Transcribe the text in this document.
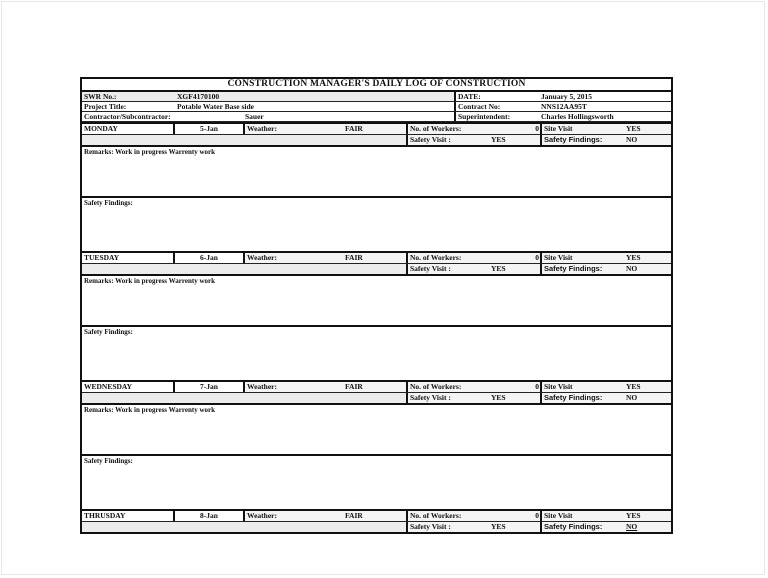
CONSTRUCTION MANAGER'S DAILY LOG OF CONSTRUCTION
SWR No.:	XGF4170100	DATE:	January 5, 2015
Project Title:	Potable Water Base side	Contract No:	NNS12AA95T
Contractor/Subcontractor:	Sauer	Superintendent:	Charles Hollingsworth
MONDAY	5-Jan	Weather:	FAIR	No. of Workers:	0 Site Visit	YES
Safety Visit :	YES	Safety Findings:	NO
Remarks: Work in progress Warrenty work
Safety Findings:
TUESDAY	6-Jan	Weather:	FAIR	No. of Workers:	0 Site Visit	YES
Safety Visit :	YES	Safety Findings:	NO
Remarks: Work in progress Warrenty work
Safety Findings:
WEDNESDAY	7-Jan	Weather:	FAIR	No. of Workers:	0 Site Visit	YES
Safety Visit :	YES	Safety Findings:	NO
Remarks: Work in progress Warrenty work
Safety Findings:
THRUSDAY	8-Jan	Weather:	FAIR	No. of Workers:	0 Site Visit	YES
Safety Visit :	YES	Safety Findings:	NO
